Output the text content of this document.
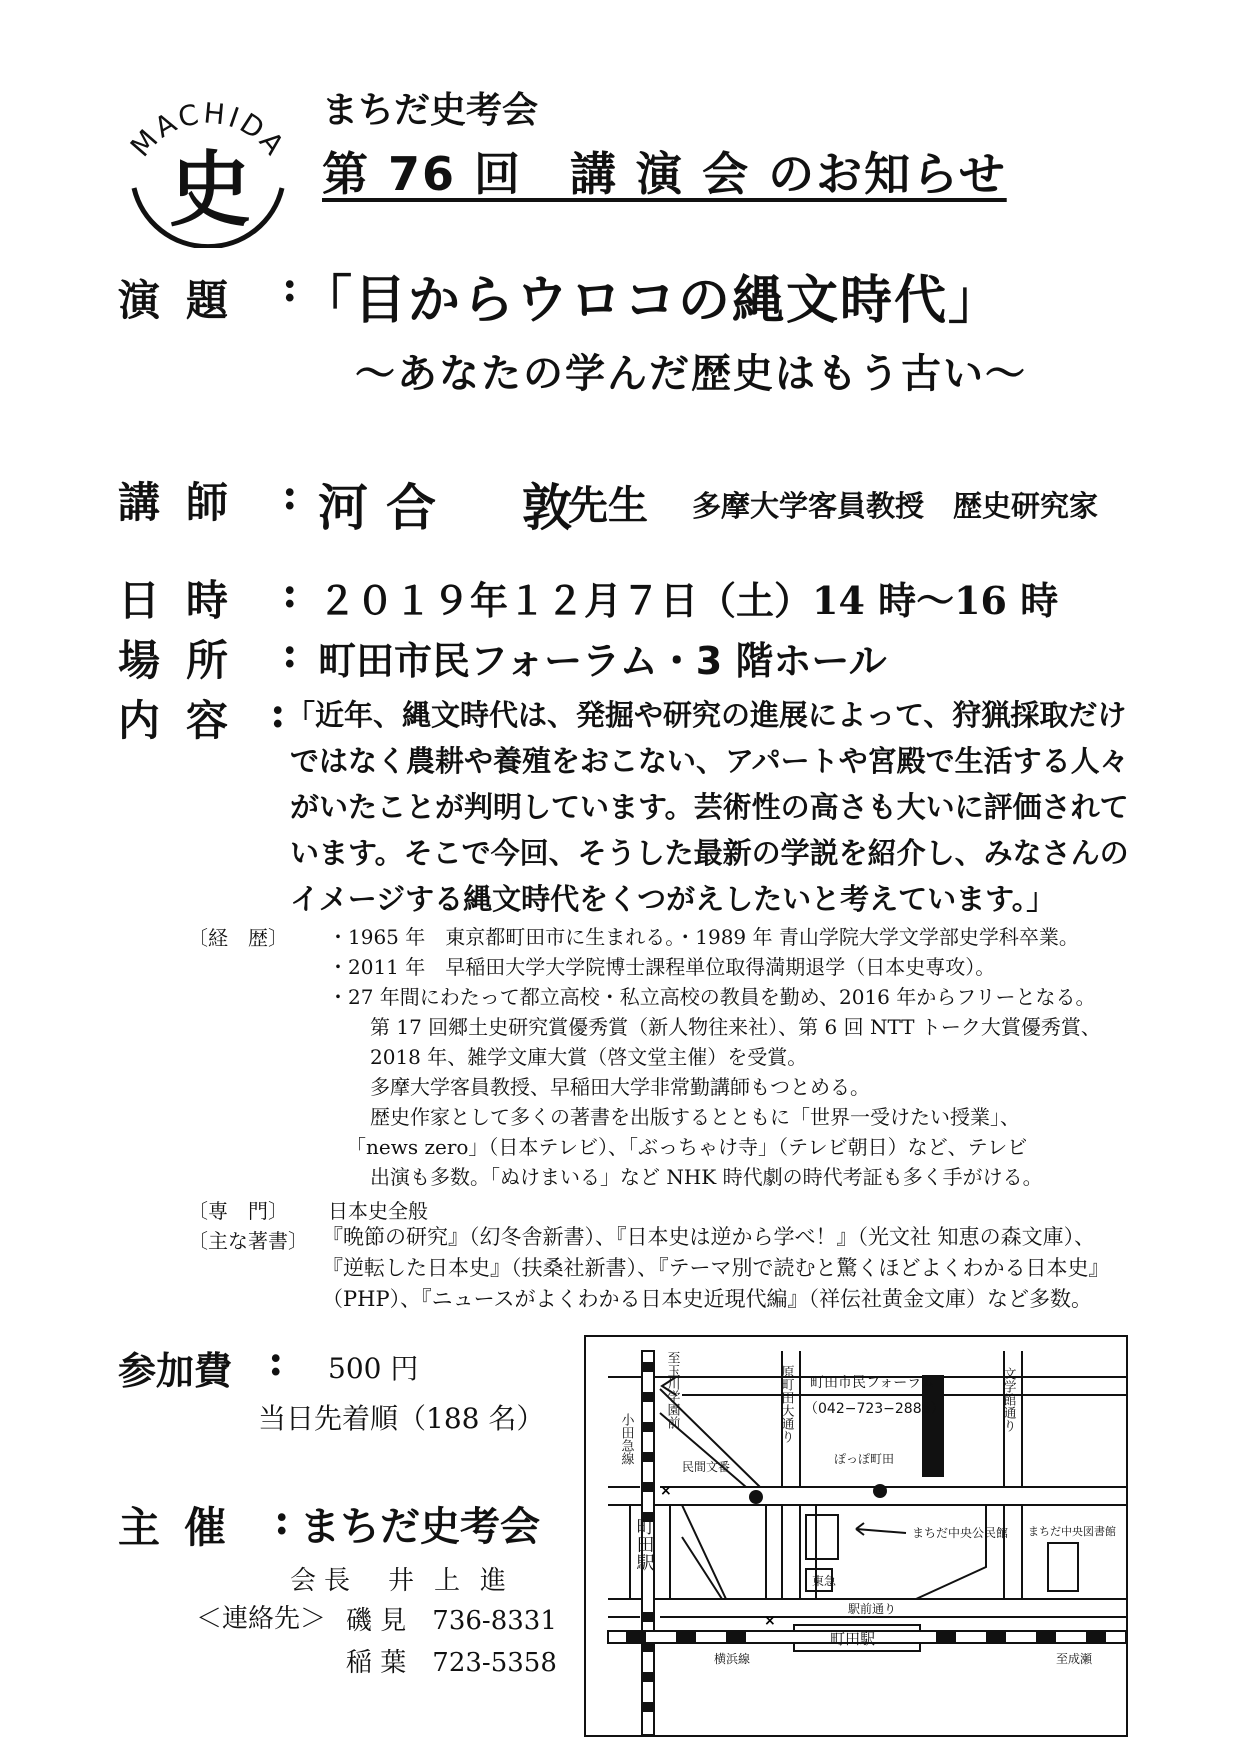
MACHIDA
史
まちだ史考会
第 76 回　講 演 会 のお知らせ
演題 : 「目からウロコの縄文時代」
〜あなたの学んだ歴史はもう古い〜
講師 : 河合　敦
先生 多摩大学客員教授　歴史研究家
日時 : ２０１９年１２月７日（土）14 時〜16 時
場所 : 町田市民フォーラム・3 階ホール
内容 : 「近年、縄文時代は、発掘や研究の進展によって、狩猟採取だけ

ではなく農耕や養殖をおこない、アパートや宮殿で生活する人々

がいたことが判明しています。芸術性の高さも大いに評価されて

います。そこで今回、そうした最新の学説を紹介し、みなさんの

イメージする縄文時代をくつがえしたいと考えています。」

〔経　歴〕 ・1965 年　東京都町田市に生まれる。・1989 年 青山学院大学文学部史学科卒業。

・2011 年　早稲田大学大学院博士課程単位取得満期退学（日本史専攻）。

・27 年間にわたって都立高校・私立高校の教員を勤め、2016 年からフリーとなる。

第 17 回郷土史研究賞優秀賞（新人物往来社）、第 6 回 NTT トーク大賞優秀賞、

2018 年、雑学文庫大賞（啓文堂主催）を受賞。

多摩大学客員教授、早稲田大学非常勤講師もつとめる。

歴史作家として多くの著書を出版するとともに「世界一受けたい授業」、

「news zero」（日本テレビ）、「ぶっちゃけ寺」（テレビ朝日）など、テレビ

出演も多数。「ぬけまいる」など NHK 時代劇の時代考証も多く手がける。

〔専　門〕 日本史全般
〔主な著書〕 『晩節の研究』（幻冬舎新書）、『日本史は逆から学べ！』（光文社 知恵の森文庫）、

『逆転した日本史』（扶桑社新書）、『テーマ別で読むと驚くほどよくわかる日本史』

（PHP）、『ニュースがよくわかる日本史近現代編』（祥伝社黄金文庫）など多数。

参加費 : 500 円
当日先着順（188 名）
主催 : まちだ史考会
会長 井上進
＜連絡先＞ 磯 見　 736-8331
稲 葉　 723-5358
×
×
小田急線
至玉川学園前
町田駅
原町田大通り	文学館通り
町田市民フォーラム
（042−723−2888）
ぽっぽ町田
民間文番
まちだ中央公民館 まちだ中央図書館
東急
駅前通り
横浜線
町田駅
至成瀬
